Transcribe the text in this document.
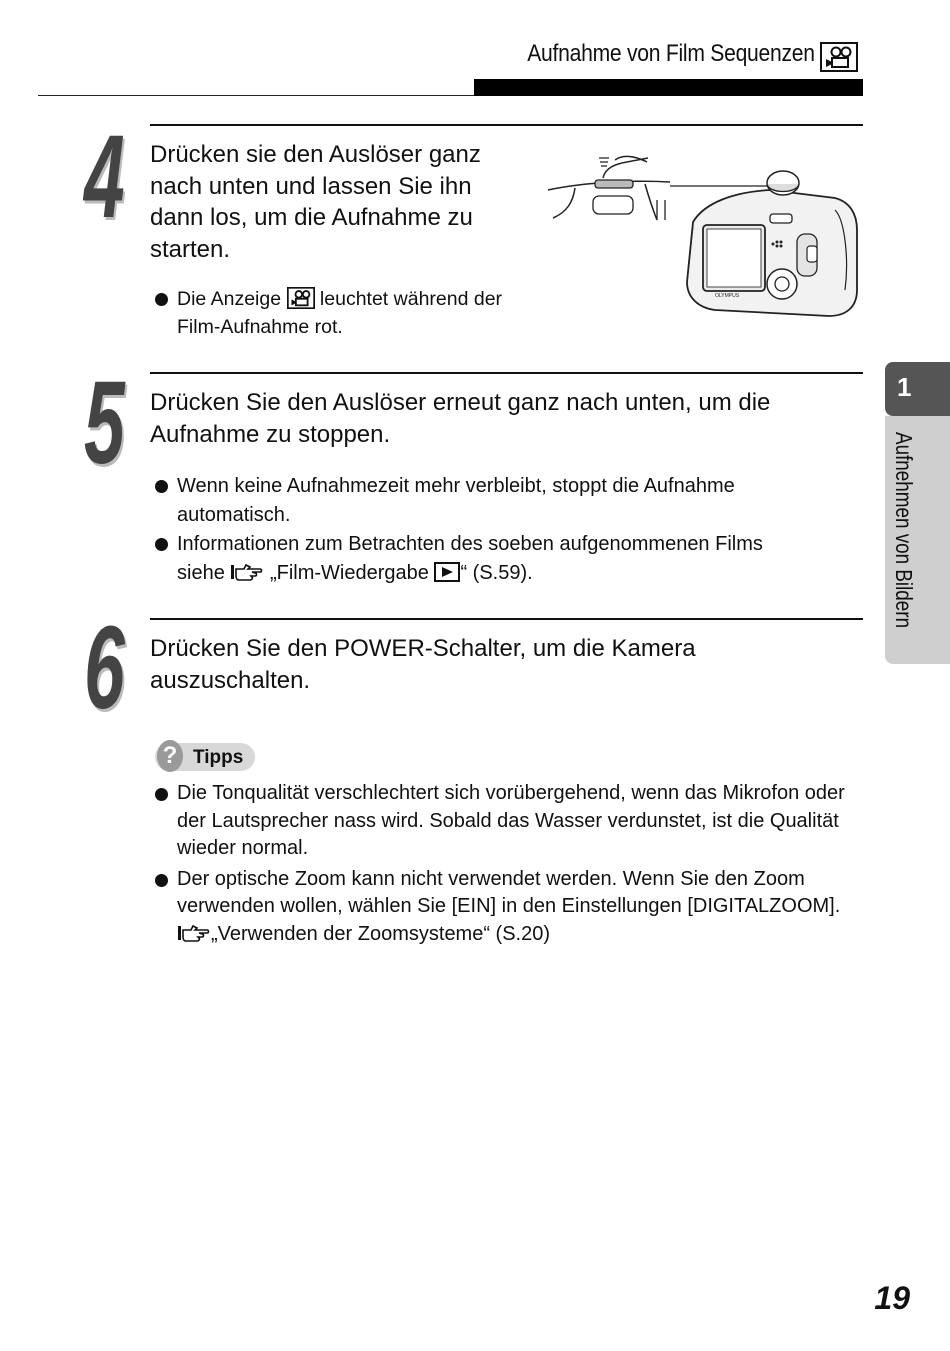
Aufnahme von Film Sequenzen
4 Drücken sie den Auslöser ganz
nach unten und lassen Sie ihn
dann los, um die Aufnahme zu
starten.
Die Anzeige leuchtet während der
Film-Aufnahme rot.
OLYMPUS
5 Drücken Sie den Auslöser erneut ganz nach unten, um die
Aufnahme zu stoppen.
Wenn keine Aufnahmezeit mehr verbleibt, stoppt die Aufnahme
automatisch.
Informationen zum Betrachten des soeben aufgenommenen Films
siehe „Film-Wiedergabe “ (S.59).
6 Drücken Sie den POWER-Schalter, um die Kamera
auszuschalten.
? Tipps
Die Tonqualität verschlechtert sich vorübergehend, wenn das Mikrofon oder
der Lautsprecher nass wird. Sobald das Wasser verdunstet, ist die Qualität
wieder normal.
Der optische Zoom kann nicht verwendet werden. Wenn Sie den Zoom
verwenden wollen, wählen Sie [EIN] in den Einstellungen [DIGITALZOOM].
„Verwenden der Zoomsysteme“ (S.20)
1
Aufnehmen von Bildern
19
